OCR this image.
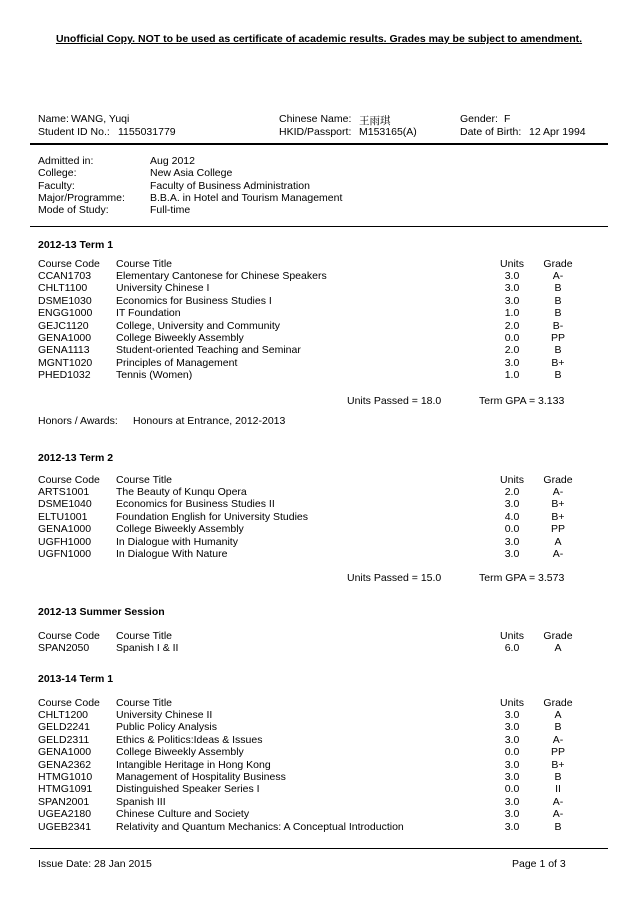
Unofficial Copy. NOT to be used as certificate of academic results. Grades may be subject to amendment.
Name: WANG, Yuqi
Student ID No.: 1155031779
Chinese Name: 王雨琪
HKID/Passport: M153165(A)
Gender: F
Date of Birth: 12 Apr 1994
Admitted in:	Aug 2012
College:	New Asia College
Faculty:	Faculty of Business Administration
Major/Programme: B.B.A. in Hotel and Tourism Management
Mode of Study:	Full-time
2012-13 Term 1
Course Code Course Title	Units Grade
CCAN1703 Elementary Cantonese for Chinese Speakers	3.0	A-
CHLT1100	University Chinese I	3.0	B
DSME1030 Economics for Business Studies I	3.0	B
ENGG1000 IT Foundation	1.0	B
GEJC1120	College, University and Community	2.0	B-
GENA1000 College Biweekly Assembly	0.0	PP
GENA1113	Student-oriented Teaching and Seminar	2.0	B
MGNT1020 Principles of Management	3.0	B+
PHED1032 Tennis (Women)	1.0	B
Units Passed = 18.0	Term GPA = 3.133
Honors / Awards: Honours at Entrance, 2012-2013
2012-13 Term 2
Course Code Course Title	Units Grade
ARTS1001	The Beauty of Kunqu Opera	2.0	A-
DSME1040 Economics for Business Studies II	3.0	B+
ELTU1001	Foundation English for University Studies	4.0	B+
GENA1000 College Biweekly Assembly	0.0	PP
UGFH1000 In Dialogue with Humanity	3.0	A
UGFN1000 In Dialogue With Nature	3.0	A-
Units Passed = 15.0	Term GPA = 3.573
2012-13 Summer Session
Course Code Course Title	Units Grade
SPAN2050	Spanish I & II	6.0	A
2013-14 Term 1
Course Code Course Title	Units Grade
CHLT1200	University Chinese II	3.0	A
GELD2241 Public Policy Analysis	3.0	B
GELD2311	Ethics & Politics:Ideas & Issues	3.0	A-
GENA1000 College Biweekly Assembly	0.0	PP
GENA2362 Intangible Heritage in Hong Kong	3.0	B+
HTMG1010 Management of Hospitality Business	3.0	B
HTMG1091 Distinguished Speaker Series I	0.0	II
SPAN2001	Spanish III	3.0	A-
UGEA2180 Chinese Culture and Society	3.0	A-
UGEB2341 Relativity and Quantum Mechanics: A Conceptual Introduction	3.0	B
Issue Date: 28 Jan 2015	Page 1 of 3
